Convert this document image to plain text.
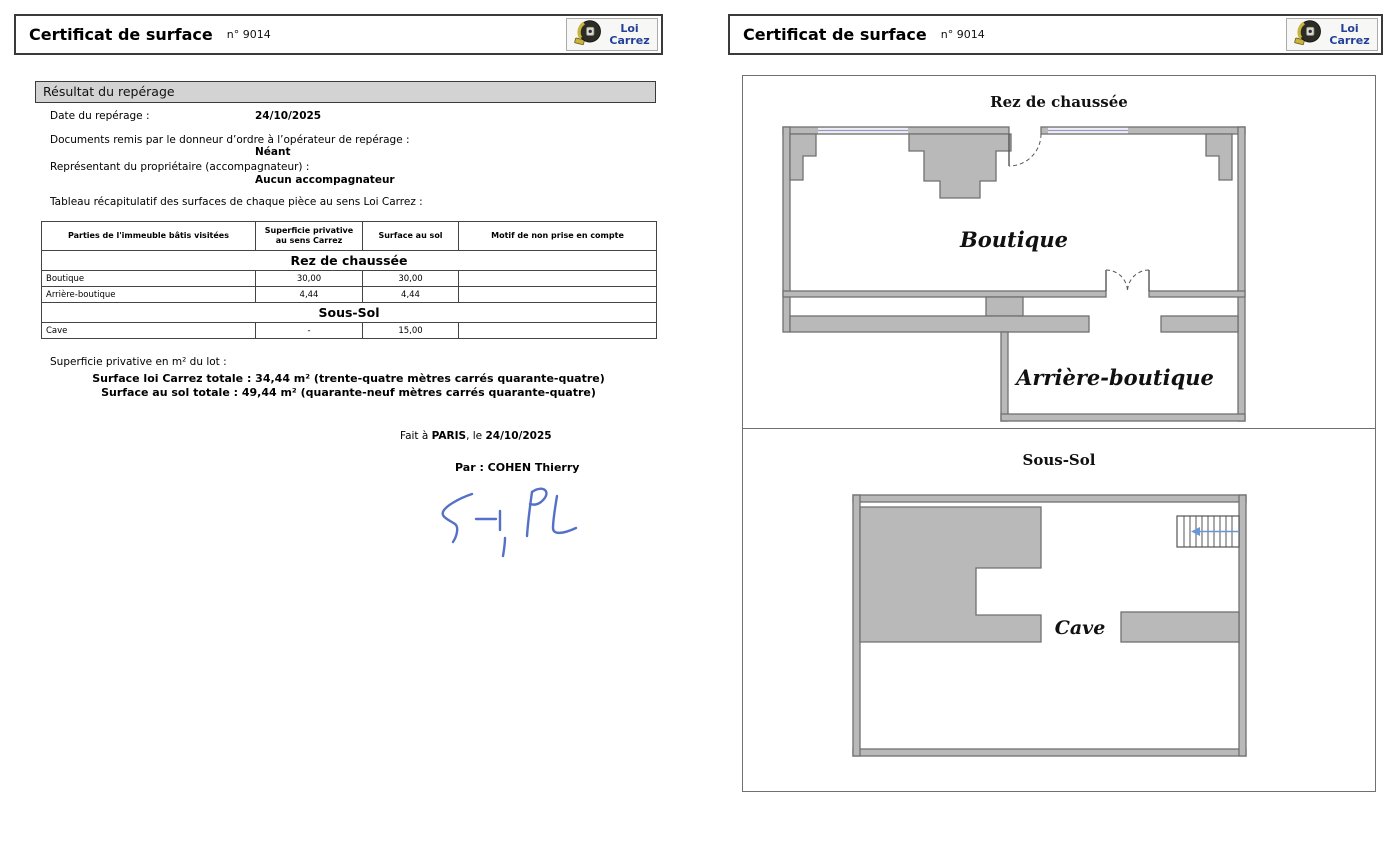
Certificat de surface n° 9014	Loi
Carrez
Résultat du repérage
Date du repérage :	24/10/2025
Documents remis par le donneur d’ordre à l’opérateur de repérage :
Néant
Représentant du propriétaire (accompagnateur) :
Aucun accompagnateur
Tableau récapitulatif des surfaces de chaque pièce au sens Loi Carrez :
Parties de l'immeuble bâtis visitées	Superficie privative au sens Carrez	Surface au sol	Motif de non prise en compte
Rez de chaussée			
Boutique	30,00	30,00	
Arrière-boutique	4,44	4,44	
Sous-Sol			
Cave	-	15,00	
Superficie privative en m² du lot :
Surface loi Carrez totale : 34,44 m² (trente-quatre mètres carrés quarante-quatre)
Surface au sol totale : 49,44 m² (quarante-neuf mètres carrés quarante-quatre)
Fait à PARIS, le 24/10/2025
Par : COHEN Thierry
Certificat de surface n° 9014	Loi
Carrez
Rez de chaussée
Boutique
Arrière-boutique
Sous-Sol
Cave
